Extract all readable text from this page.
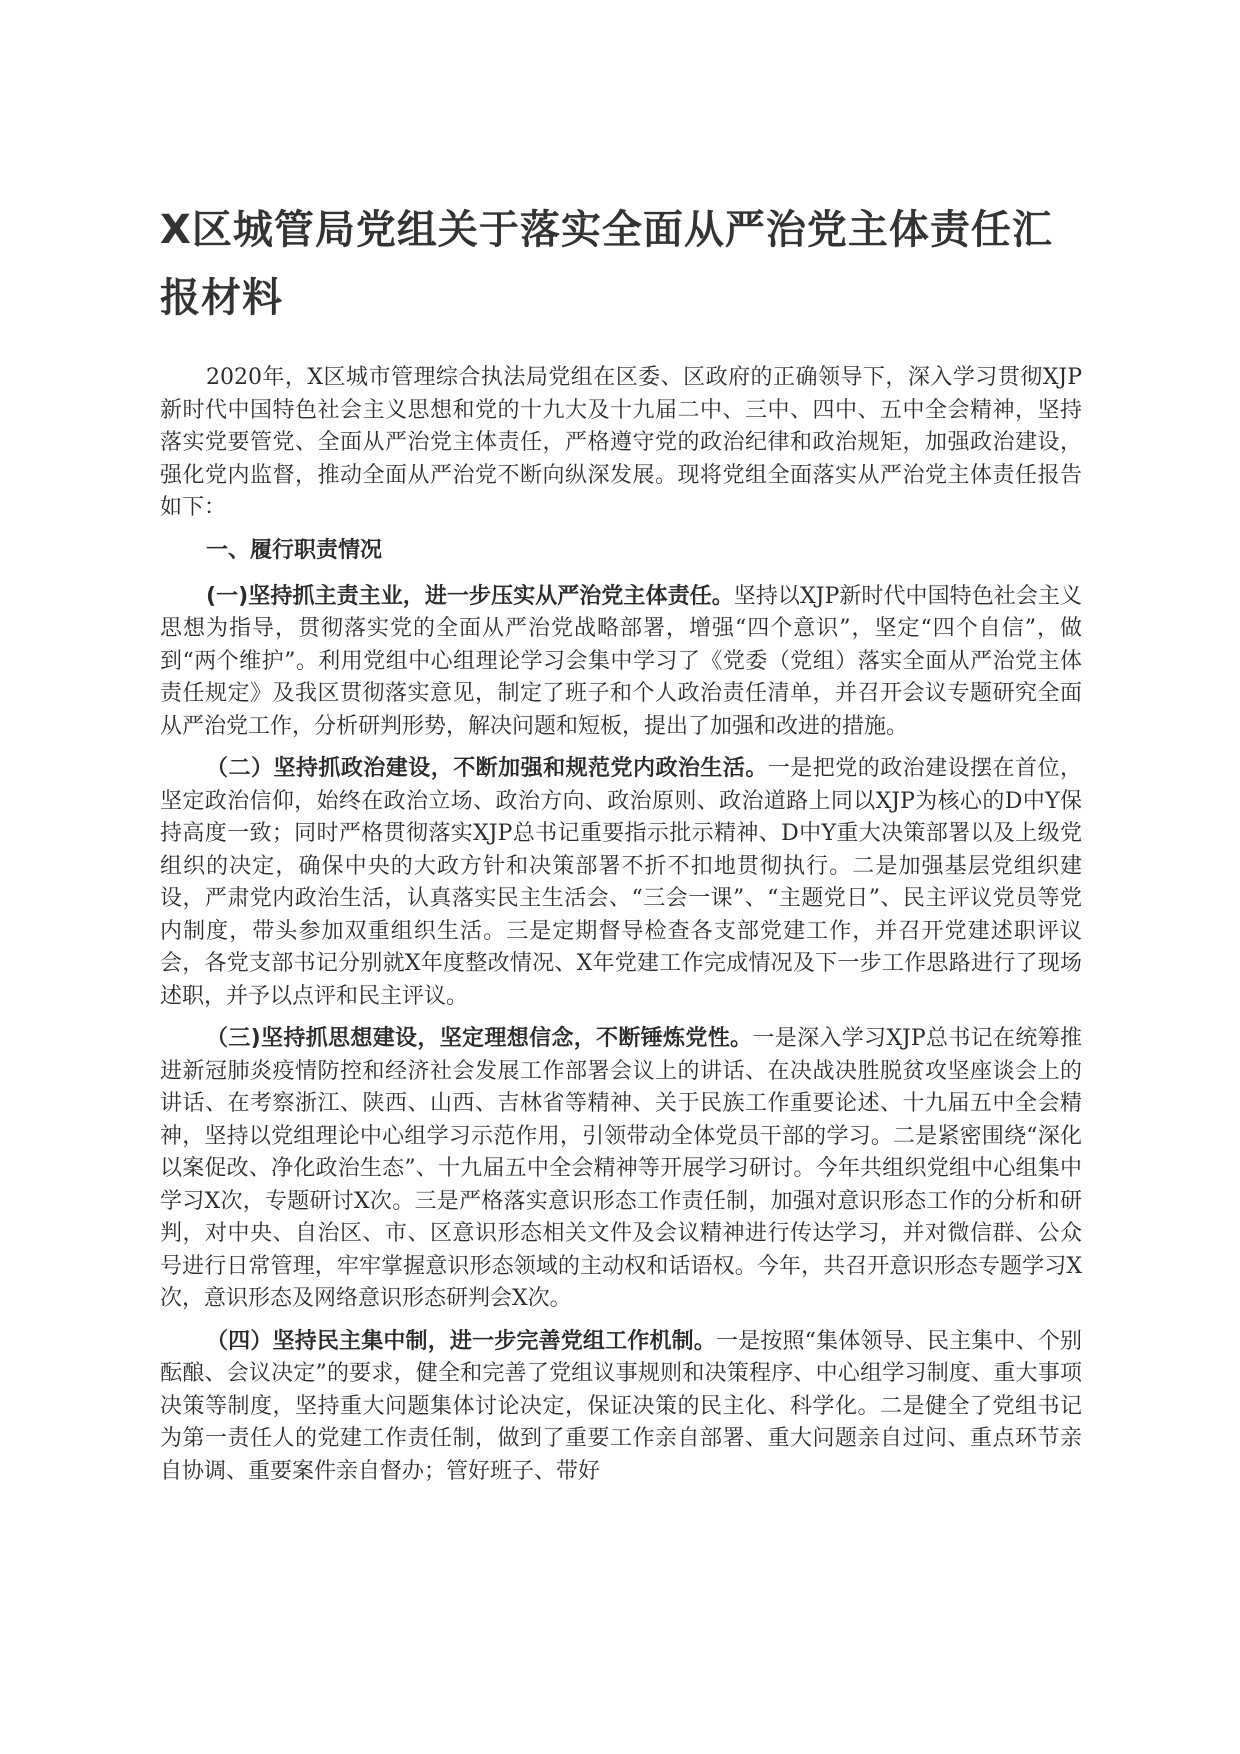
X区城管局党组关于落实全面从严治党主体责任汇报材料

2020年，X区城市管理综合执法局党组在区委、区政府的正确领导下，深入学习贯彻XJP新时代中国特色社会主义思想和党的十九大及十九届二中、三中、四中、五中全会精神，坚持落实党要管党、全面从严治党主体责任，严格遵守党的政治纪律和政治规矩，加强政治建设，强化党内监督，推动全面从严治党不断向纵深发展。现将党组全面落实从严治党主体责任报告如下：

一、履行职责情况

(一)坚持抓主责主业，进一步压实从严治党主体责任。坚持以XJP新时代中国特色社会主义思想为指导，贯彻落实党的全面从严治党战略部署，增强“四个意识”，坚定“四个自信”，做到“两个维护”。利用党组中心组理论学习会集中学习了《党委（党组）落实全面从严治党主体责任规定》及我区贯彻落实意见，制定了班子和个人政治责任清单，并召开会议专题研究全面从严治党工作，分析研判形势，解决问题和短板，提出了加强和改进的措施。

（二）坚持抓政治建设，不断加强和规范党内政治生活。一是把党的政治建设摆在首位，坚定政治信仰，始终在政治立场、政治方向、政治原则、政治道路上同以XJP为核心的D中Y保持高度一致；同时严格贯彻落实XJP总书记重要指示批示精神、D中Y重大决策部署以及上级党组织的决定，确保中央的大政方针和决策部署不折不扣地贯彻执行。二是加强基层党组织建设，严肃党内政治生活，认真落实民主生活会、“三会一课”、“主题党日”、民主评议党员等党内制度，带头参加双重组织生活。三是定期督导检查各支部党建工作，并召开党建述职评议会，各党支部书记分别就X年度整改情况、X年党建工作完成情况及下一步工作思路进行了现场述职，并予以点评和民主评议。

（三)坚持抓思想建设，坚定理想信念，不断锤炼党性。一是深入学习XJP总书记在统筹推进新冠肺炎疫情防控和经济社会发展工作部署会议上的讲话、在决战决胜脱贫攻坚座谈会上的讲话、在考察浙江、陕西、山西、吉林省等精神、关于民族工作重要论述、十九届五中全会精神，坚持以党组理论中心组学习示范作用，引领带动全体党员干部的学习。二是紧密围绕“深化以案促改、净化政治生态”、十九届五中全会精神等开展学习研讨。今年共组织党组中心组集中学习X次，专题研讨X次。三是严格落实意识形态工作责任制，加强对意识形态工作的分析和研判，对中央、自治区、市、区意识形态相关文件及会议精神进行传达学习，并对微信群、公众号进行日常管理，牢牢掌握意识形态领域的主动权和话语权。今年，共召开意识形态专题学习X次，意识形态及网络意识形态研判会X次。

（四）坚持民主集中制，进一步完善党组工作机制。一是按照“集体领导、民主集中、个别酝酿、会议决定”的要求，健全和完善了党组议事规则和决策程序、中心组学习制度、重大事项决策等制度，坚持重大问题集体讨论决定，保证决策的民主化、科学化。二是健全了党组书记为第一责任人的党建工作责任制，做到了重要工作亲自部署、重大问题亲自过问、重点环节亲自协调、重要案件亲自督办；管好班子、带好
